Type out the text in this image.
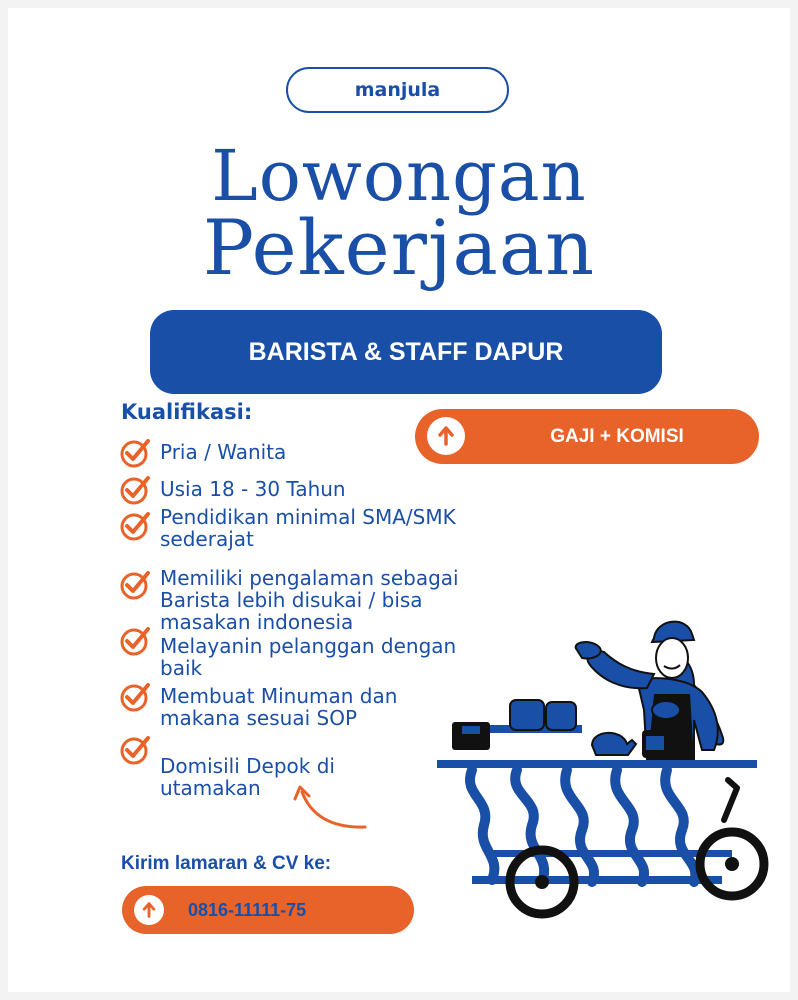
manjula
Lowongan
Pekerjaan
BARISTA & STAFF DAPUR
Kualifikasi:
Pria / Wanita
Usia 18 - 30 Tahun
Pendidikan minimal SMA/SMK
sederajat
Memiliki pengalaman sebagai
Barista lebih disukai / bisa
masakan indonesia
Melayanin pelanggan dengan
baik
Membuat Minuman dan
makana sesuai SOP
Domisili Depok di
utamakan
GAJI + KOMISI
Kirim lamaran & CV ke:
0816-11111-75
